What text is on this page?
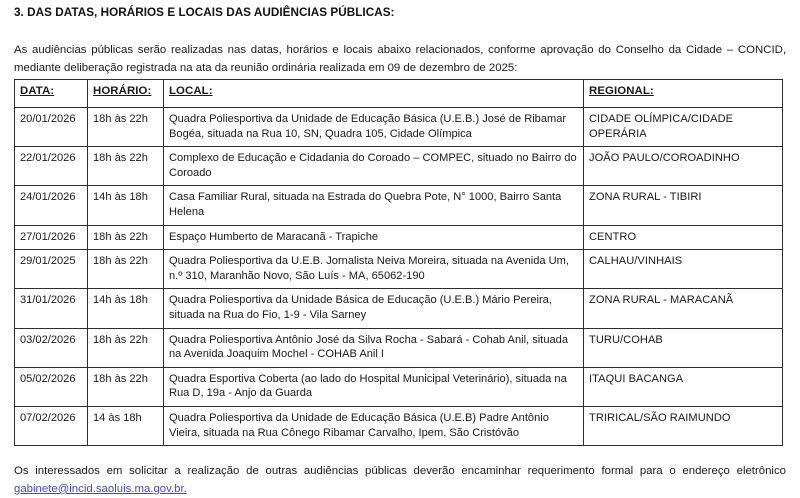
3. DAS DATAS, HORÁRIOS E LOCAIS DAS AUDIÊNCIAS PÚBLICAS:

As audiências públicas serão realizadas nas datas, horários e locais abaixo relacionados, conforme aprovação do Conselho da Cidade – CONCID, mediante deliberação registrada na ata da reunião ordinária realizada em 09 de dezembro de 2025:

DATA:	HORÁRIO:	LOCAL:	REGIONAL:
20/01/2026	18h às 22h	Quadra Poliesportiva da Unidade de Educação Básica (U.E.B.) José de Ribamar Bogéa, situada na Rua 10, SN, Quadra 105, Cidade Olímpica	CIDADE OLÍMPICA/CIDADE OPERÁRIA
22/01/2026	18h às 22h	Complexo de Educação e Cidadania do Coroado – COMPEC, situado no Bairro do Coroado	JOÃO PAULO/COROADINHO
24/01/2026	14h às 18h	Casa Familiar Rural, situada na Estrada do Quebra Pote, N° 1000, Bairro Santa Helena	ZONA RURAL - TIBIRI
27/01/2026	18h às 22h	Espaço Humberto de Maracanã - Trapiche	CENTRO
29/01/2025	18h às 22h	Quadra Poliesportiva da U.E.B. Jornalista Neiva Moreira, situada na Avenida Um, n.º 310, Maranhão Novo, São Luís - MA, 65062-190	CALHAU/VINHAIS
31/01/2026	14h às 18h	Quadra Poliesportiva da Unidade Básica de Educação (U.E.B.) Mário Pereira, situada na Rua do Fio, 1-9 - Vila Sarney	ZONA RURAL - MARACANÃ
03/02/2026	18h às 22h	Quadra Poliesportiva Antônio José da Silva Rocha - Sabará - Cohab Anil, situada na Avenida Joaquim Mochel - COHAB Anil I	TURU/COHAB
05/02/2026	18h às 22h	Quadra Esportiva Coberta (ao lado do Hospital Municipal Veterinário), situada na Rua D, 19a - Anjo da Guarda	ITAQUI BACANGA
07/02/2026	14 às 18h	Quadra Poliesportiva da Unidade de Educação Básica (U.E.B) Padre Antônio Vieira, situada na Rua Cônego Ribamar Carvalho, Ipem, São Cristóvão	TRIRICAL/SÃO RAIMUNDO

Os interessados em solicitar a realização de outras audiências públicas deverão encaminhar requerimento formal para o endereço eletrônico gabinete@incid.saoluis.ma.gov.br.
